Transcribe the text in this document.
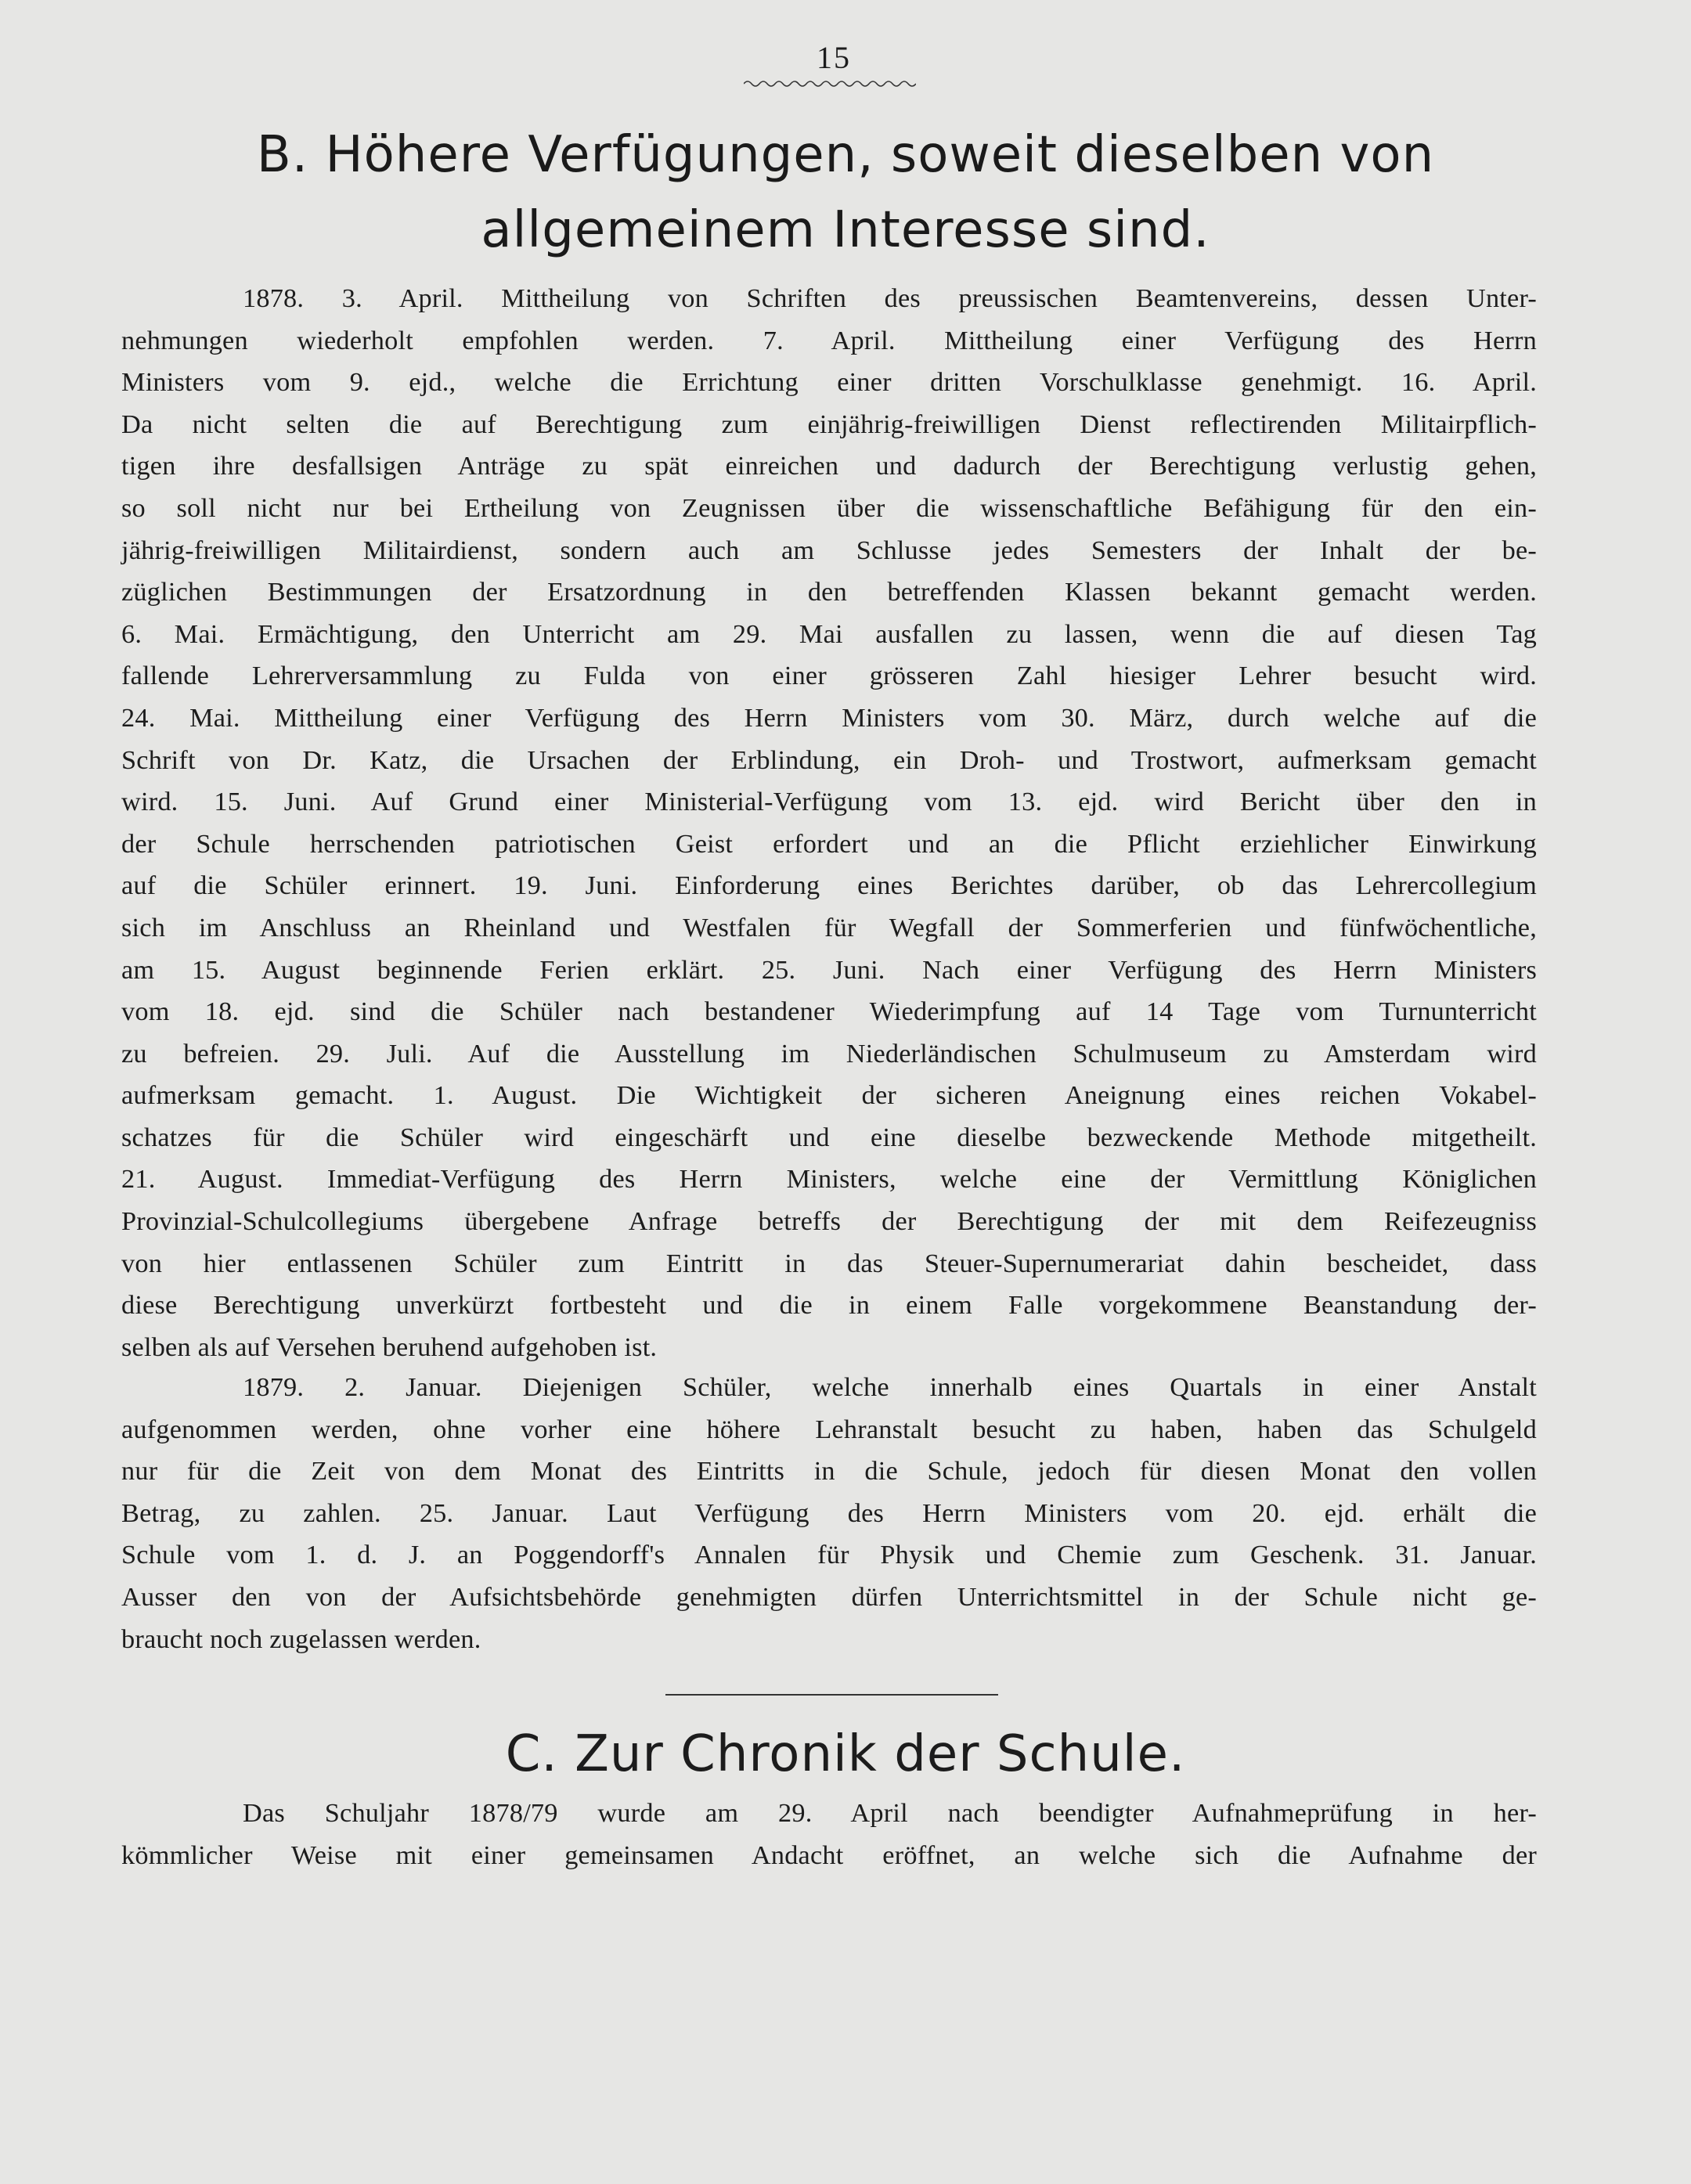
15
B. Höhere Verfügungen, soweit dieselben von
allgemeinem Interesse sind.
1878. 3. April. Mittheilung von Schriften des preussischen Beamtenvereins, dessen Unter-
nehmungen wiederholt empfohlen werden. 7. April. Mittheilung einer Verfügung des Herrn
Ministers vom 9. ejd., welche die Errichtung einer dritten Vorschulklasse genehmigt. 16. April.
Da nicht selten die auf Berechtigung zum einjährig-freiwilligen Dienst reflectirenden Militairpflich-
tigen ihre desfallsigen Anträge zu spät einreichen und dadurch der Berechtigung verlustig gehen,
so soll nicht nur bei Ertheilung von Zeugnissen über die wissenschaftliche Befähigung für den ein-
jährig-freiwilligen Militairdienst, sondern auch am Schlusse jedes Semesters der Inhalt der be-
züglichen Bestimmungen der Ersatzordnung in den betreffenden Klassen bekannt gemacht werden.
6. Mai. Ermächtigung, den Unterricht am 29. Mai ausfallen zu lassen, wenn die auf diesen Tag
fallende Lehrerversammlung zu Fulda von einer grösseren Zahl hiesiger Lehrer besucht wird.
24. Mai. Mittheilung einer Verfügung des Herrn Ministers vom 30. März, durch welche auf die
Schrift von Dr. Katz, die Ursachen der Erblindung, ein Droh- und Trostwort, aufmerksam gemacht
wird. 15. Juni. Auf Grund einer Ministerial-Verfügung vom 13. ejd. wird Bericht über den in
der Schule herrschenden patriotischen Geist erfordert und an die Pflicht erziehlicher Einwirkung
auf die Schüler erinnert. 19. Juni. Einforderung eines Berichtes darüber, ob das Lehrercollegium
sich im Anschluss an Rheinland und Westfalen für Wegfall der Sommerferien und fünfwöchentliche,
am 15. August beginnende Ferien erklärt. 25. Juni. Nach einer Verfügung des Herrn Ministers
vom 18. ejd. sind die Schüler nach bestandener Wiederimpfung auf 14 Tage vom Turnunterricht
zu befreien. 29. Juli. Auf die Ausstellung im Niederländischen Schulmuseum zu Amsterdam wird
aufmerksam gemacht. 1. August. Die Wichtigkeit der sicheren Aneignung eines reichen Vokabel-
schatzes für die Schüler wird eingeschärft und eine dieselbe bezweckende Methode mitgetheilt.
21. August. Immediat-Verfügung des Herrn Ministers, welche eine der Vermittlung Königlichen
Provinzial-Schulcollegiums übergebene Anfrage betreffs der Berechtigung der mit dem Reifezeugniss
von hier entlassenen Schüler zum Eintritt in das Steuer-Supernumerariat dahin bescheidet, dass
diese Berechtigung unverkürzt fortbesteht und die in einem Falle vorgekommene Beanstandung der-
selben als auf Versehen beruhend aufgehoben ist.
1879. 2. Januar. Diejenigen Schüler, welche innerhalb eines Quartals in einer Anstalt
aufgenommen werden, ohne vorher eine höhere Lehranstalt besucht zu haben, haben das Schulgeld
nur für die Zeit von dem Monat des Eintritts in die Schule, jedoch für diesen Monat den vollen
Betrag, zu zahlen. 25. Januar. Laut Verfügung des Herrn Ministers vom 20. ejd. erhält die
Schule vom 1. d. J. an Poggendorff's Annalen für Physik und Chemie zum Geschenk. 31. Januar.
Ausser den von der Aufsichtsbehörde genehmigten dürfen Unterrichtsmittel in der Schule nicht ge-
braucht noch zugelassen werden.
C. Zur Chronik der Schule.
Das Schuljahr 1878/79 wurde am 29. April nach beendigter Aufnahmeprüfung in her-
kömmlicher Weise mit einer gemeinsamen Andacht eröffnet, an welche sich die Aufnahme der
